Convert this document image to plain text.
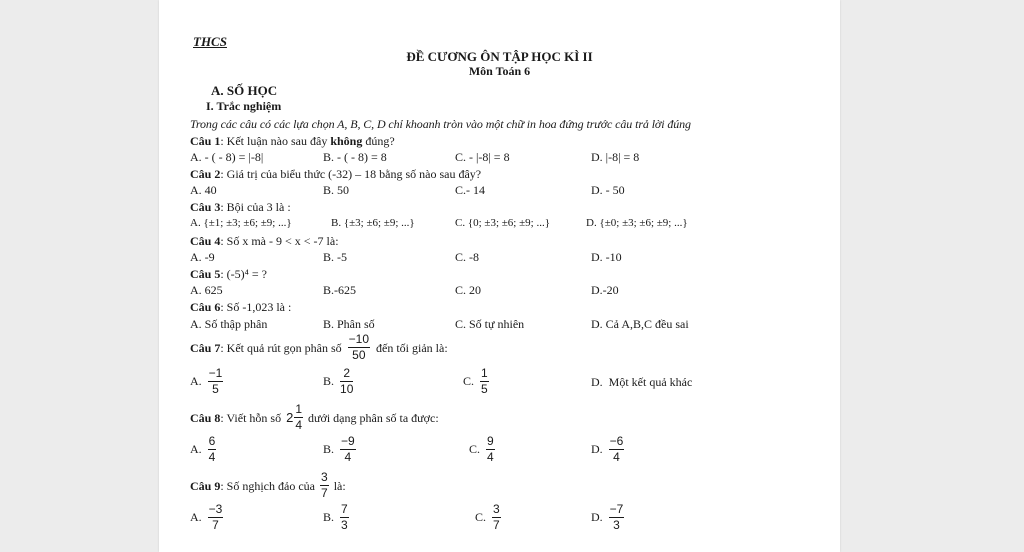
THCS
ĐỀ CƯƠNG ÔN TẬP HỌC KÌ II
Môn Toán 6
A. SỐ HỌC
I. Trắc nghiệm
Trong các câu có các lựa chọn A, B, C, D chỉ khoanh tròn vào một chữ in hoa đứng trước câu trả lời đúng
Câu 1: Kết luận nào sau đây không đúng?
A. - ( - 8) = |-8|	B. - ( - 8) = 8	C. - |-8| = 8	D. |-8| = 8
Câu 2: Giá trị của biểu thức (-32) – 18 bằng số nào sau đây?
A. 40	B. 50	C.- 14	D. - 50
Câu 3: Bội của 3 là :
A. {±1; ±3; ±6; ±9; ...}	B. {±3; ±6; ±9; ...}	C. {0; ±3; ±6; ±9; ...}	D. {±0; ±3; ±6; ±9; ...}
Câu 4: Số x mà - 9 < x < -7 là:
A. -9	B. -5	C. -8	D. -10
Câu 5: (-5)⁴ = ?
A. 625	B.-625	C. 20	D.-20
Câu 6: Số -1,023 là :
A. Số thập phân	B. Phân số	C. Số tự nhiên	D. Cả A,B,C đều sai
Câu 7: Kết quả rút gọn phân số $\frac{-10}{50}$ đến tối giản là:
A. $\frac{-1}{5}$	B. $\frac{2}{10}$	C. $\frac{1}{5}$	D. Một kết quả khác
Câu 8: Viết hỗn số $2 \frac{1}{4}$ dưới dạng phân số ta được:
A. $\frac{6}{4}$	B. $\frac{-9}{4}$	C. $\frac{9}{4}$	D. $\frac{-6}{4}$
Câu 9: Số nghịch đảo của $\frac{3}{7}$ là:
A. $\frac{-3}{7}$	B. $\frac{7}{3}$	C. $\frac{3}{7}$	D. $\frac{-7}{3}$
